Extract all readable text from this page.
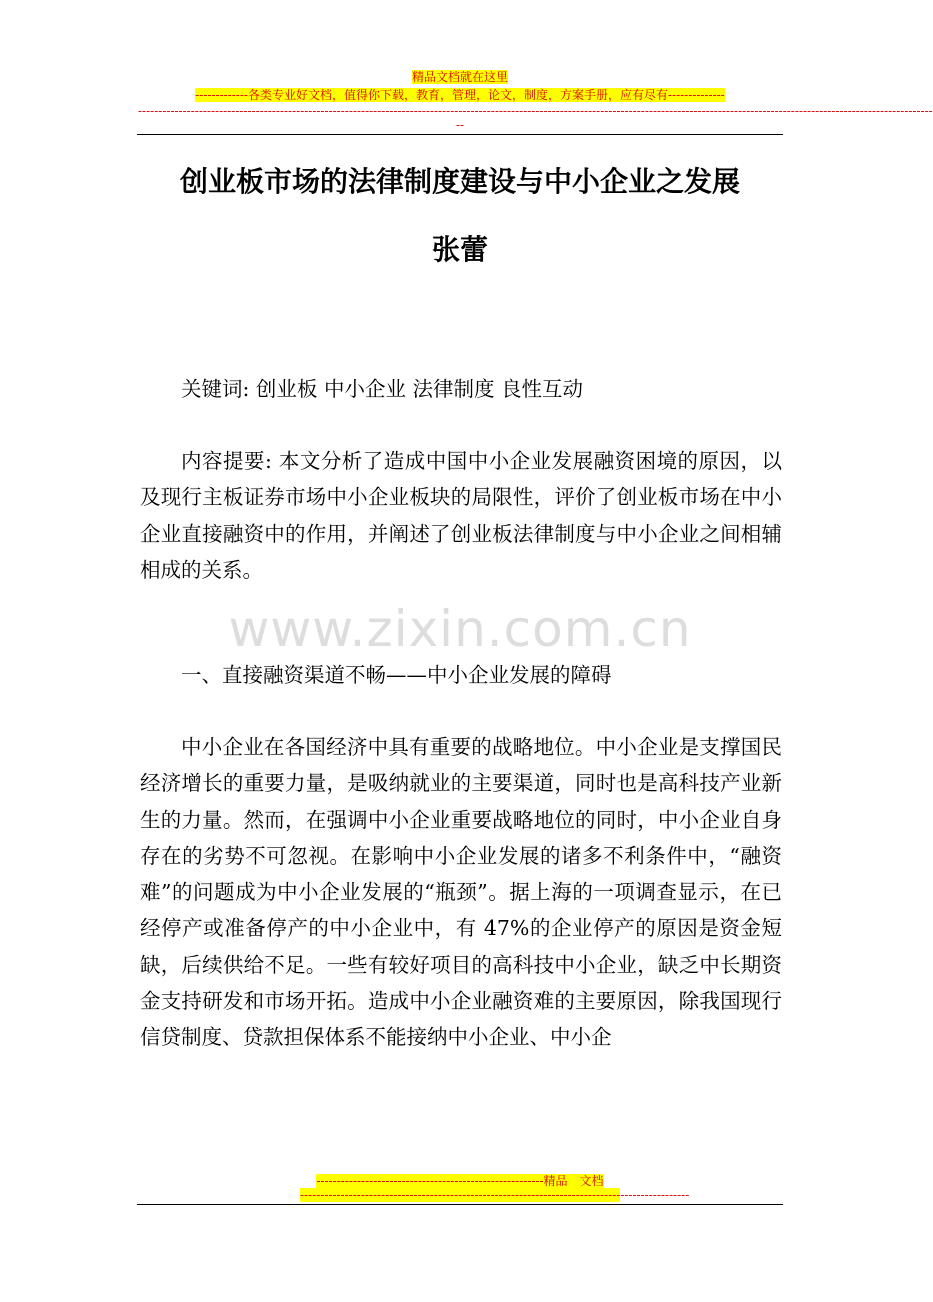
精品文档就在这里
-------------各类专业好文档，值得你下载，教育，管理，论文，制度，方案手册，应有尽有--------------
----------------------------------------------------------------------------------------------------------------------------------------------------------------------------------------------------
--
创业板市场的法律制度建设与中小企业之发展
张蕾
关键词: 创业板 中小企业 法律制度 良性互动
内容提要: 本文分析了造成中国中小企业发展融资困境的原因，以及现行主板证券市场中小企业板块的局限性，评价了创业板市场在中小企业直接融资中的作用，并阐述了创业板法律制度与中小企业之间相辅相成的关系。
www.zixin.com.cn
一、直接融资渠道不畅——中小企业发展的障碍
中小企业在各国经济中具有重要的战略地位。中小企业是支撑国民经济增长的重要力量，是吸纳就业的主要渠道，同时也是高科技产业新生的力量。然而，在强调中小企业重要战略地位的同时，中小企业自身存在的劣势不可忽视。在影响中小企业发展的诸多不利条件中，“融资难”的问题成为中小企业发展的“瓶颈”。据上海的一项调查显示，在已经停产或准备停产的中小企业中，有 47%的企业停产的原因是资金短缺，后续供给不足。一些有较好项目的高科技中小企业，缺乏中长期资金支持研发和市场开拓。造成中小企业融资难的主要原因，除我国现行信贷制度、贷款担保体系不能接纳中小企业、中小企
--------------------------------------------------------精品　文档
------------------------------------------------------------------------------------------------
